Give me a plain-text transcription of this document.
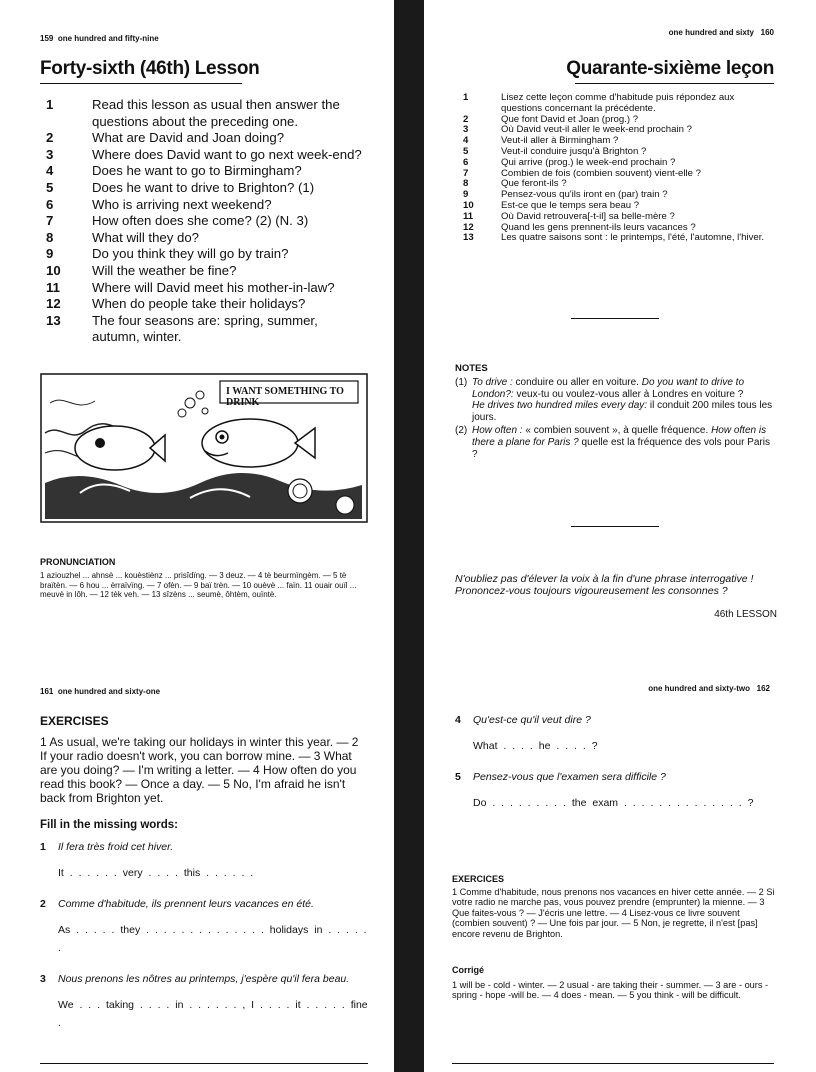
159 one hundred and fifty-nine
Forty-sixth (46th) Lesson
1	Read this lesson as usual then answer the questions about the preceding one.
2	What are David and Joan doing?
3	Where does David want to go next week-end?
4	Does he want to go to Birmingham?
5	Does he want to drive to Brighton? (1)
6	Who is arriving next weekend?
7	How often does she come? (2) (N. 3)
8	What will they do?
9	Do you think they will go by train?
10	Will the weather be fine?
11	Where will David meet his mother-in-law?
12	When do people take their holidays?
13	The four seasons are: spring, summer, autumn, winter.
I WANT SOMETHING TO DRINK
PRONUNCIATION
1 aziouzhel ... ahnsè ... kouèstiènz ... prisîdïng. — 3 deuz. — 4 tè beurmïngèm. — 5 tè braïtèn. — 6 hou ... èrraïvïng. — 7 ofèn. — 9 baï trèn. — 10 ouèvè ... faïn. 11 ouair ouïl ... meuvè in lôh. — 12 tèk veh. — 13 sîzèns ... seumè, ôhtèm, ouïntè.
one hundred and sixty 160
Quarante-sixième leçon
1	Lisez cette leçon comme d'habitude puis répondez aux questions concernant la précédente.
2	Que font David et Joan (prog.) ?
3	Où David veut-il aller le week-end prochain ?
4	Veut-il aller à Birmingham ?
5	Veut-il conduire jusqu'à Brighton ?
6	Qui arrive (prog.) le week-end prochain ?
7	Combien de fois (combien souvent) vient-elle ?
8	Que feront-ils ?
9	Pensez-vous qu'ils iront en (par) train ?
10	Est-ce que le temps sera beau ?
11	Où David retrouvera[-t-il] sa belle-mère ?
12	Quand les gens prennent-ils leurs vacances ?
13	Les quatre saisons sont : le printemps, l'été, l'automne, l'hiver.
NOTES
(1) To drive : conduire ou aller en voiture. Do you want to drive to London?: veux-tu ou voulez-vous aller à Londres en voiture ?
He drives two hundred miles every day: il conduit 200 miles tous les jours.
(2) How often : « combien souvent », à quelle fréquence. How often is there a plane for Paris ? quelle est la fréquence des vols pour Paris ?
N'oubliez pas d'élever la voix à la fin d'une phrase interrogative !
Prononcez-vous toujours vigoureusement les consonnes ?
46th LESSON
161 one hundred and sixty-one
EXERCISES
1 As usual, we're taking our holidays in winter this year. — 2 If your radio doesn't work, you can borrow mine. — 3 What are you doing? — I'm writing a letter. — 4 How often do you read this book? — Once a day. — 5 No, I'm afraid he isn't back from Brighton yet.
Fill in the missing words:
1	Il fera très froid cet hiver.
It . . . . . . very . . . . this . . . . . .
2	Comme d'habitude, ils prennent leurs vacances en été.
As . . . . . they . . . . . . . . . . . . . . holidays in . . . . . .
3	Nous prenons les nôtres au printemps, j'espère qu'il fera beau.
We . . . taking . . . . in . . . . . . , I . . . . it . . . . . fine .
one hundred and sixty-two 162
4	Qu'est-ce qu'il veut dire ?
What . . . . he . . . . ?
5	Pensez-vous que l'examen sera difficile ?
Do . . . . . . . . . the exam . . . . . . . . . . . . . . ?
EXERCICES
1 Comme d'habitude, nous prenons nos vacances en hiver cette année. — 2 Si votre radio ne marche pas, vous pouvez prendre (emprunter) la mienne. — 3 Que faites-vous ? — J'écris une lettre. — 4 Lisez-vous ce livre souvent (combien souvent) ? — Une fois par jour. — 5 Non, je regrette, il n'est [pas] encore revenu de Brighton.
Corrigé
1 will be - cold - winter. — 2 usual - are taking their - summer. — 3 are - ours - spring - hope -will be. — 4 does - mean. — 5 you think - will be difficult.
